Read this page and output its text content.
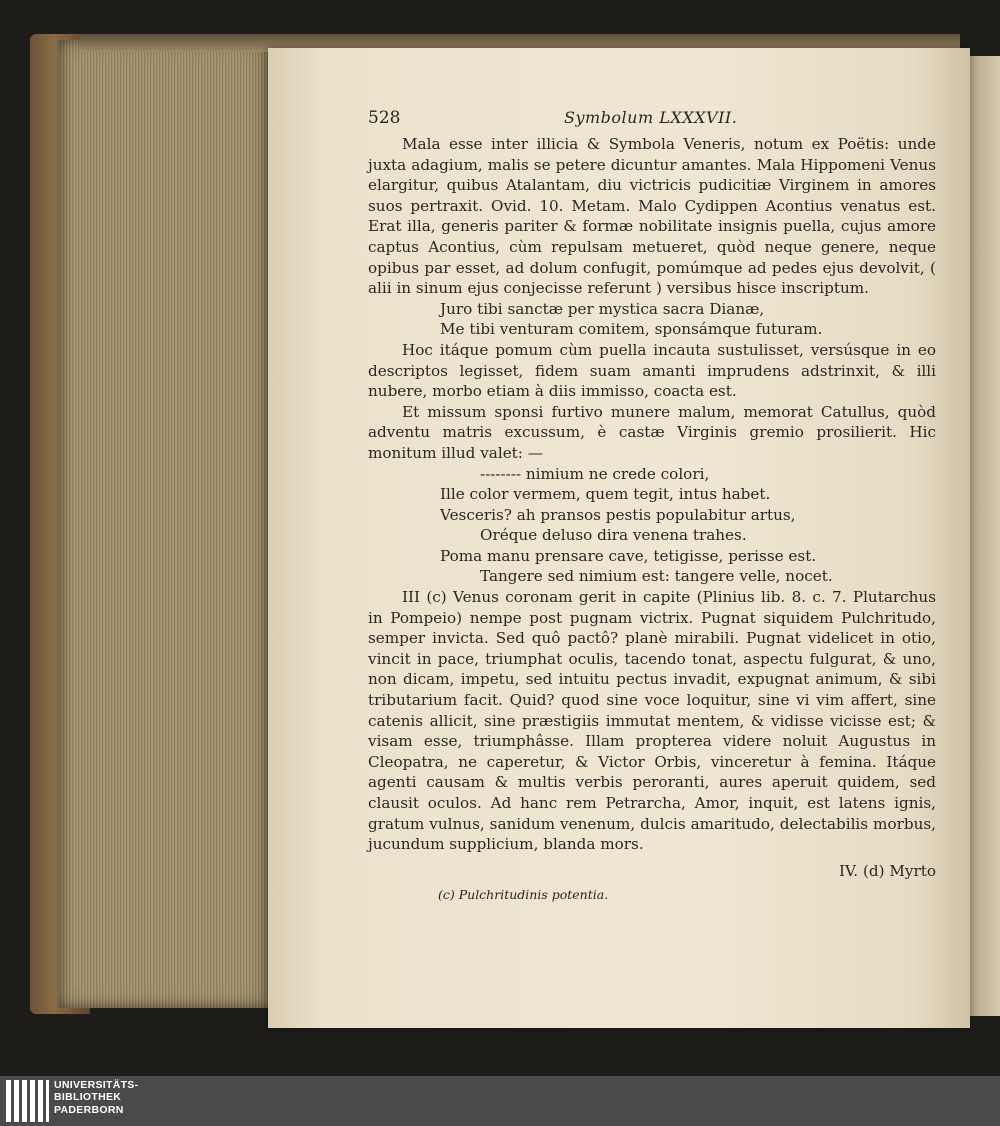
528	Symbolum LXXXVII.

Mala esse inter illicia & Symbola Veneris, notum ex Poëtis: unde juxta adagium, malis se petere dicuntur amantes. Mala Hippomeni Venus elargitur, quibus Atalantam, diu victricis pudicitiæ Virginem in amores suos pertraxit. Ovid. 10. Metam. Malo Cydippen Acontius venatus est. Erat illa, generis pariter & formæ nobilitate insignis puella, cujus amore captus Acontius, cùm repulsam metueret, quòd neque genere, neque opibus par esset, ad dolum confugit, pomúmque ad pedes ejus devolvit, ( alii in sinum ejus conjecisse referunt ) versibus hisce inscriptum.

Juro tibi sanctæ per mystica sacra Dianæ,

Me tibi venturam comitem, sponsámque futuram.

Hoc itáque pomum cùm puella incauta sustulisset, versúsque in eo descriptos legisset, fidem suam amanti imprudens adstrinxit, & illi nubere, morbo etiam à diis immisso, coacta est.

Et missum sponsi furtivo munere malum, memorat Catullus, quòd adventu matris excussum, è castæ Virginis gremio prosilierit. Hic monitum illud valet: —

-------- nimium ne crede colori,

Ille color vermem, quem tegit, intus habet.

Vesceris? ah pransos pestis populabitur artus,

Oréque deluso dira venena trahes.

Poma manu prensare cave, tetigisse, perisse est.

Tangere sed nimium est: tangere velle, nocet.

III (c) Venus coronam gerit in capite (Plinius lib. 8. c. 7. Plutarchus in Pompeio) nempe post pugnam victrix. Pugnat siquidem Pulchritudo, semper invicta. Sed quô pactô? planè mirabili. Pugnat videlicet in otio, vincit in pace, triumphat oculis, tacendo tonat, aspectu fulgurat, & uno, non dicam, impetu, sed intuitu pectus invadit, expugnat animum, & sibi tributarium facit. Quid? quod sine voce loquitur, sine vi vim affert, sine catenis allicit, sine præstigiis immutat mentem, & vidisse vicisse est; & visam esse, triumphâsse. Illam propterea videre noluit Augustus in Cleopatra, ne caperetur, & Victor Orbis, vinceretur à femina. Itáque agenti causam & multis verbis peroranti, aures aperuit quidem, sed clausit oculos. Ad hanc rem Petrarcha, Amor, inquit, est latens ignis, gratum vulnus, sanidum venenum, dulcis amaritudo, delectabilis morbus, jucundum supplicium, blanda mors.

IV. (d) Myrto
(c) Pulchritudinis potentia.
UNIVERSITÄTS-
BIBLIOTHEK
PADERBORN
